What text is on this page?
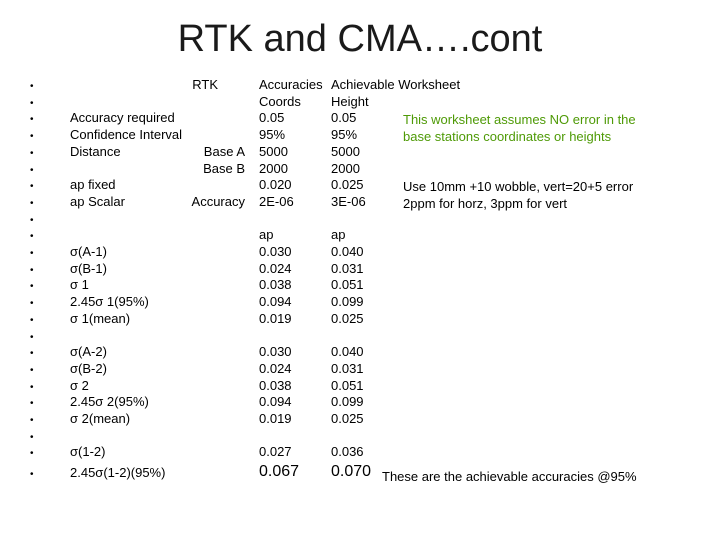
RTK and CMA….cont
•
•
•
•
•
•
•
•
•
•
•
•
•
•
•
•
•
•
•
•
•
•
•
•
Accuracy required
Confidence Interval
Distance
ap fixed
ap Scalar
σ(A-1)
σ(B-1)
σ 1
2.45σ 1(95%)
σ 1(mean)
σ(A-2)
σ(B-2)
σ 2
2.45σ 2(95%)
σ 2(mean)
σ(1-2)
2.45σ(1-2)(95%)
RTK
Base A
Base B
Accuracy
Accuracies
Coords
0.05
95%
5000
2000
0.020
2E-06
ap
0.030
0.024
0.038
0.094
0.019
0.030
0.024
0.038
0.094
0.019
0.027
0.067
Achievable Worksheet
Height
0.05
95%
5000
2000
0.025
3E-06
ap
0.040
0.031
0.051
0.099
0.025
0.040
0.031
0.051
0.099
0.025
0.036
0.070
This worksheet assumes NO error in the
base stations coordinates or heights
Use 10mm +10 wobble, vert=20+5 error
2ppm for horz, 3ppm for vert
These are the achievable accuracies @95%
